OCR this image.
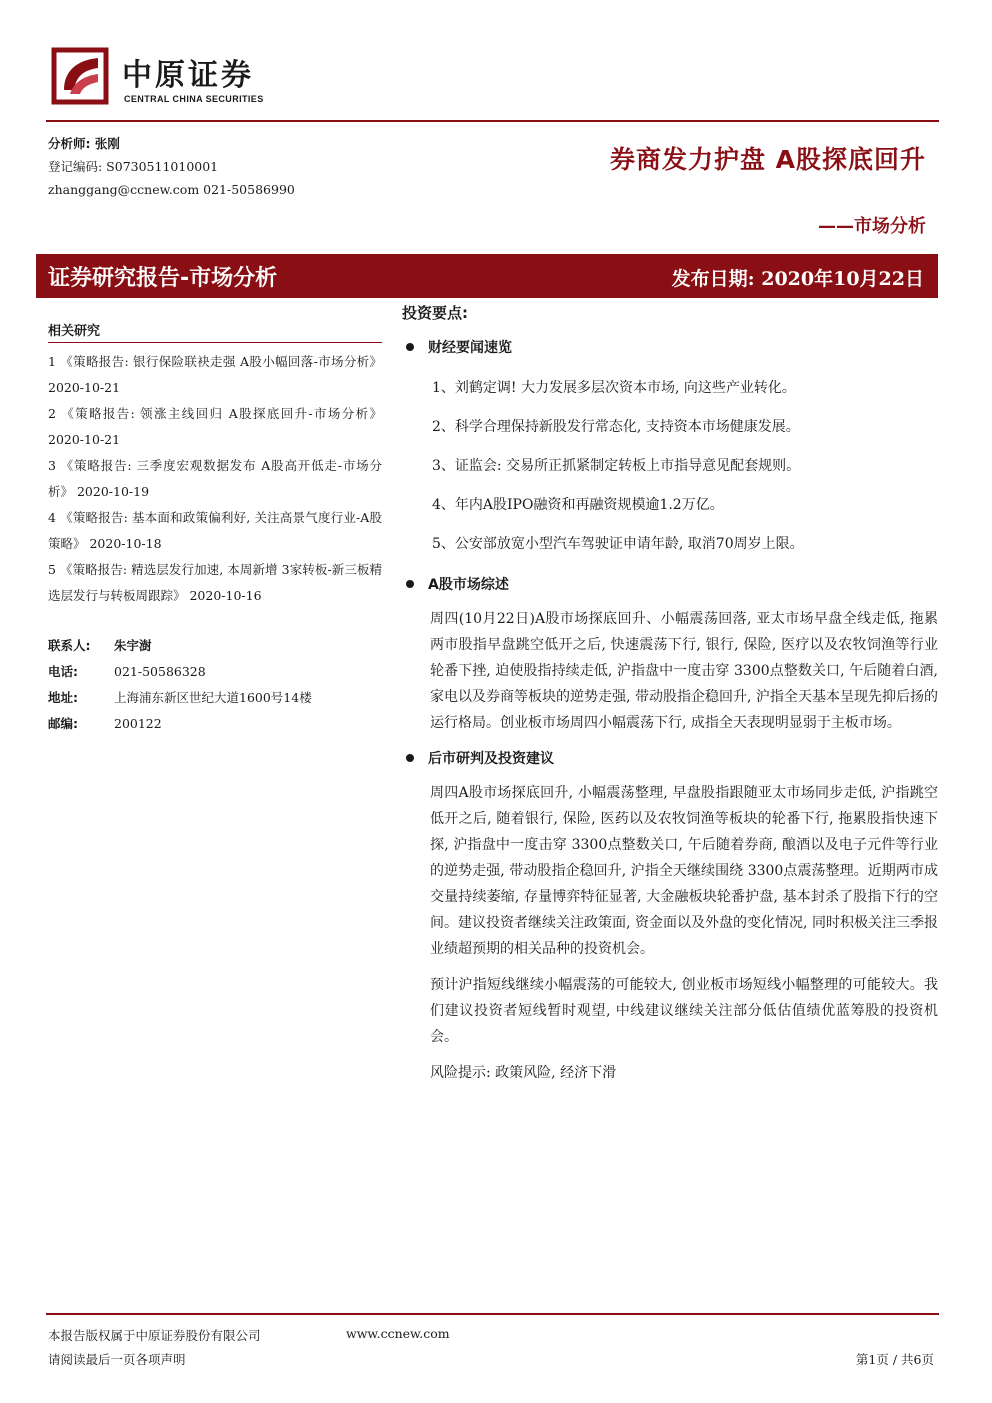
中原证券
CENTRAL CHINA SECURITIES
分析师: 张刚
登记编码: S0730511010001
zhanggang@ccnew.com 021-50586990
券商发力护盘 A股探底回升
——市场分析
证券研究报告-市场分析	发布日期: 2020年10月22日
相关研究
1 《策略报告: 银行保险联袂走强 A股小幅回落-市场分析》 2020-10-21
2 《策略报告: 领涨主线回归 A股探底回升-市场分析》 2020-10-21
3 《策略报告: 三季度宏观数据发布 A股高开低走-市场分析》 2020-10-19
4 《策略报告: 基本面和政策偏利好, 关注高景气度行业-A股策略》 2020-10-18
5 《策略报告: 精选层发行加速, 本周新增 3家转板-新三板精选层发行与转板周跟踪》 2020-10-16
联系人:	朱宇澍
电话:	021-50586328
地址:	上海浦东新区世纪大道1600号14楼
邮编:	200122
投资要点:
财经要闻速览
1、刘鹤定调! 大力发展多层次资本市场, 向这些产业转化。
2、科学合理保持新股发行常态化, 支持资本市场健康发展。
3、证监会: 交易所正抓紧制定转板上市指导意见配套规则。
4、年内A股IPO融资和再融资规模逾1.2万亿。
5、公安部放宽小型汽车驾驶证申请年龄, 取消70周岁上限。
A股市场综述
周四(10月22日)A股市场探底回升、小幅震荡回落, 亚太市场早盘全线走低, 拖累两市股指早盘跳空低开之后, 快速震荡下行, 银行, 保险, 医疗以及农牧饲渔等行业轮番下挫, 迫使股指持续走低, 沪指盘中一度击穿 3300点整数关口, 午后随着白酒, 家电以及券商等板块的逆势走强, 带动股指企稳回升, 沪指全天基本呈现先抑后扬的运行格局。创业板市场周四小幅震荡下行, 成指全天表现明显弱于主板市场。
后市研判及投资建议
周四A股市场探底回升, 小幅震荡整理, 早盘股指跟随亚太市场同步走低, 沪指跳空低开之后, 随着银行, 保险, 医药以及农牧饲渔等板块的轮番下行, 拖累股指快速下探, 沪指盘中一度击穿 3300点整数关口, 午后随着券商, 酿酒以及电子元件等行业的逆势走强, 带动股指企稳回升, 沪指全天继续围绕 3300点震荡整理。近期两市成交量持续萎缩, 存量博弈特征显著, 大金融板块轮番护盘, 基本封杀了股指下行的空间。建议投资者继续关注政策面, 资金面以及外盘的变化情况, 同时积极关注三季报业绩超预期的相关品种的投资机会。
预计沪指短线继续小幅震荡的可能较大, 创业板市场短线小幅整理的可能较大。我们建议投资者短线暂时观望, 中线建议继续关注部分低估值绩优蓝筹股的投资机会。
风险提示: 政策风险, 经济下滑
本报告版权属于中原证券股份有限公司	www.ccnew.com
请阅读最后一页各项声明	第1页 / 共6页
